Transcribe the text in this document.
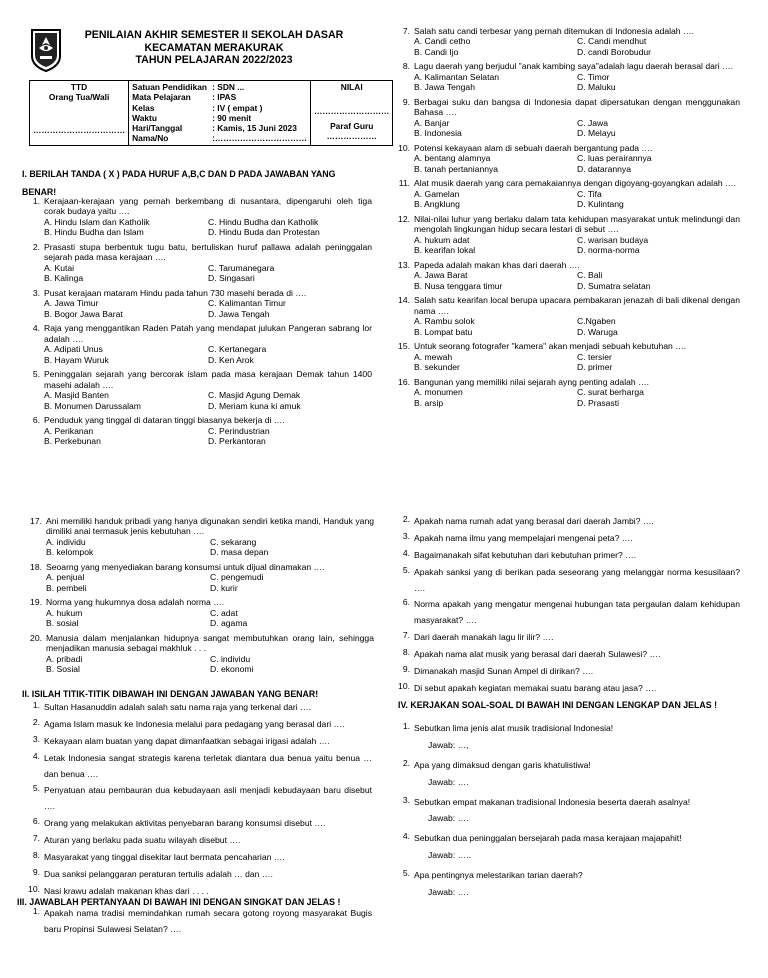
PENILAIAN AKHIR SEMESTER II SEKOLAH DASAR
KECAMATAN MERAKURAK
TAHUN PELAJARAN 2022/2023
TTD
Orang Tua/Wali
……………………………

Satuan Pendidikan : SDN ...
Mata Pelajaran	: IPAS
Kelas	: IV ( empat )
Waktu	: 90 menit
Hari/Tanggal	: Kamis, 15 Juni 2023
Nama/No	:……………………………

NILAI
………………………
Paraf Guru
………………
I. BERILAH TANDA ( X ) PADA HURUF A,B,C DAN D PADA JAWABAN YANG
BENAR!
1. Kerajaan-kerajaan yang pernah berkembang di nusantara, dipengaruhi oleh tiga corak budaya yaitu ….
A. Hindu Islam dan Katholik	C. Hindu Budha dan Katholik
B. Hindu Budha dan Islam	D. Hindu Buda dan Protestan
2. Prasasti stupa berbentuk tugu batu, bertuliskan huruf pallawa adalah peninggalan sejarah pada masa kerajaan ….
A. Kutai	C. Tarumanegara
B. Kalinga	D. Singasari
3. Pusat kerajaan mataram Hindu pada tahun 730 masehi berada di ….
A. Jawa Timur	C. Kalimantan Timur
B. Bogor Jawa Barat	D. Jawa Tengah
4. Raja yang menggantikan Raden Patah yang mendapat julukan Pangeran sabrang lor adalah ….
A. Adipati Unus	C. Kertanegara
B. Hayam Wuruk	D. Ken Arok
5. Peninggalan sejarah yang bercorak islam pada masa kerajaan Demak tahun 1400 masehi adalah ….
A. Masjid Banten	C. Masjid Agung Demak
B. Monumen Darussalam	D. Meriam kuna ki amuk
6. Penduduk yang tinggal di dataran tinggi biasanya bekerja di ….
A. Perikanan	C. Perindustrian
B. Perkebunan	D. Perkantoran
7. Salah satu candi terbesar yang pernah ditemukan di Indonesia adalah ….
A. Candi cetho	C. Candi mendhut
B. Candi Ijo	D. candi Borobudur
8. Lagu daerah yang berjudul "anak kambing saya"adalah lagu daerah berasal dari ….
A. Kalimantan Selatan	C. Timor
B. Jawa Tengah	D. Maluku
9. Berbagai suku dan bangsa di Indonesia dapat dipersatukan dengan menggunakan Bahasa ….
A. Banjar	C. Jawa
B. Indonesia	D. Melayu
10. Potensi kekayaan alam di sebuah daerah bergantung pada ….
A. bentang alamnya	C. luas perairannya
B. tanah pertaniannya	D. datarannya
11. Alat musik daerah yang cara pemakaiannya dengan digoyang-goyangkan adalah ….
A. Gamelan	C. Tifa
B. Angklung	D. Kulintang
12. Nilai-nilai luhur yang berlaku dalam tata kehidupan masyarakat untuk melindungi dan mengolah lingkungan hidup secara lestari di sebut ….
A. hukum adat	C. warisan budaya
B. kearifan lokal	D. norma-norma
13. Papeda adalah makan khas dari daerah ….
A. Jawa Barat	C. Bali
B. Nusa tenggara timur	D. Sumatra selatan
14. Salah satu kearifan local berupa upacara pembakaran jenazah di bali dikenal dengan nama ….
A. Rambu solok	C.Ngaben
B. Lompat batu	D. Waruga
15. Untuk seorang fotografer "kamera" akan menjadi sebuah kebutuhan ….
A. mewah	C. tersier
B. sekunder	D. primer
16. Bangunan yang memiliki nilai sejarah ayng penting adalah ….
A. monumen	C. surat berharga
B. arsip	D. Prasasti
17. Ani memiliki handuk pribadi yang hanya digunakan sendiri ketika mandi, Handuk yang dimiliki anai termasuk jenis kebutuhan ….
A. individu	C. sekarang
B. kelompok	D. masa depan
18. Seoarng yang menyediakan barang konsumsi untuk dijual dinamakan ….
A. penjual	C. pengemudi
B. pembeli	D. kurir
19. Norma yang hukumnya dosa adalah norma ….
A. hukum	C. adat
B. sosial	D. agama
20. Manusia dalam menjalankan hidupnya sangat membutuhkan orang lain, sehingga menjadikan manusia sebagai makhluk . . .
A. pribadi	C. individu
B. Sosial	D. ekonomi
II. ISILAH TITIK-TITIK DIBAWAH INI DENGAN JAWABAN YANG BENAR!
1. Sultan Hasanuddin adalah salah satu nama raja yang terkenal dari ….
2. Agama Islam masuk ke Indonesia melalui para pedagang yang berasal dari ….
3. Kekayaan alam buatan yang dapat dimanfaatkan sebagai irigasi adalah ….
4. Letak Indonesia sangat strategis karena terletak diantara dua benua yaitu benua … dan benua ….
5. Penyatuan atau pembauran dua kebudayaan asli menjadi kebudayaan baru disebut ….
6. Orang yang melakukan aktivitas penyebaran barang konsumsi disebut ….
7. Aturan yang berlaku pada suatu wilayah disebut ….
8. Masyarakat yang tinggal disekitar laut bermata pencaharian ….
9. Dua sanksi pelanggaran peraturan tertulis adalah … dan ….
10. Nasi krawu adalah makanan khas dari . . . .
III. JAWABLAH PERTANYAAN DI BAWAH INI DENGAN SINGKAT DAN JELAS !
1. Apakah nama tradisi memindahkan rumah secara gotong royong masyarakat Bugis baru Propinsi Sulawesi Selatan? ….
2. Apakah nama rumah adat yang berasal dari daerah Jambi? ….
3. Apakah nama ilmu yang mempelajari mengenai peta? ….
4. Bagaimanakah sifat kebutuhan dari kebutuhan primer? ….
5. Apakah sanksi yang di berikan pada seseorang yang melanggar norma kesusilaan? ….
6. Norma apakah yang mengatur mengenai hubungan tata pergaulan dalam kehidupan masyarakat? ….
7. Dari daerah manakah lagu lir ilir? ….
8. Apakah nama alat musik yang berasal dari daerah Sulawesi? ….
9. Dimanakah masjid Sunan Ampel di dirikan? ….
10. Di sebut apakah kegiatan memakai suatu barang atau jasa? ….
IV. KERJAKAN SOAL-SOAL DI BAWAH INI DENGAN LENGKAP DAN JELAS !
1. Sebutkan lima jenis alat musik tradisional Indonesia!
Jawab: …,
2. Apa yang dimaksud dengan garis khatulistiwa!
Jawab: ….
3. Sebutkan empat makanan tradisional Indonesia beserta daerah asalnya!
Jawab: ….
4. Sebutkan dua peninggalan bersejarah pada masa kerajaan majapahit!
Jawab: …..
5. Apa pentingnya melestarikan tarian daerah?
Jawab: ….
